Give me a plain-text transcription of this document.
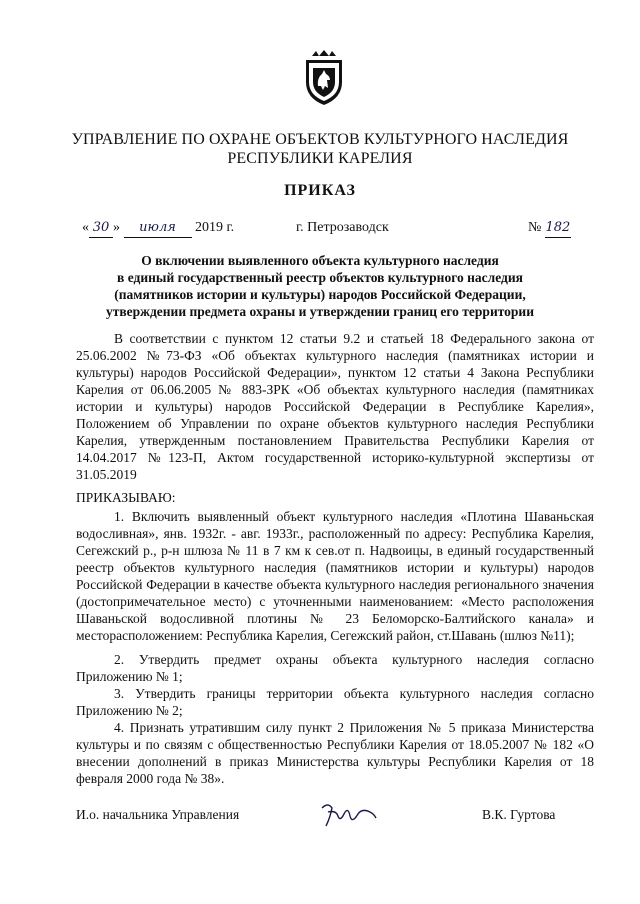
УПРАВЛЕНИЕ ПО ОХРАНЕ ОБЪЕКТОВ КУЛЬТУРНОГО НАСЛЕДИЯ
РЕСПУБЛИКИ КАРЕЛИЯ
ПРИКАЗ
« 30 » июля 2019 г.	г. Петрозаводск	№ 182
О включении выявленного объекта культурного наследия
в единый государственный реестр объектов культурного наследия
(памятников истории и культуры) народов Российской Федерации,
утверждении предмета охраны и утверждении границ его территории
В соответствии с пунктом 12 статьи 9.2 и статьей 18 Федерального закона от 25.06.2002 №73-ФЗ «Об объектах культурного наследия (памятниках истории и культуры) народов Российской Федерации», пунктом 12 статьи 4 Закона Республики Карелия от 06.06.2005 № 883-ЗРК «Об объектах культурного наследия (памятниках истории и культуры) народов Российской Федерации в Республике Карелия», Положением об Управлении по охране объектов культурного наследия Республики Карелия, утвержденным постановлением Правительства Республики Карелия от 14.04.2017 №123-П, Актом государственной историко-культурной экспертизы от 31.05.2019
ПРИКАЗЫВАЮ:
1. Включить выявленный объект культурного наследия «Плотина Шаваньская водосливная», янв. 1932г. - авг. 1933г., расположенный по адресу: Республика Карелия, Сегежский р., р-н шлюза № 11 в 7 км к сев.от п. Надвоицы, в единый государственный реестр объектов культурного наследия (памятников истории и культуры) народов Российской Федерации в качестве объекта культурного наследия регионального значения (достопримечательное место) с уточненными наименованием: «Место расположения Шаваньской водосливной плотины № 23 Беломорско-Балтийского канала» и месторасположением: Республика Карелия, Сегежский район, ст.Шавань (шлюз №11);
2. Утвердить предмет охраны объекта культурного наследия согласно Приложению № 1;
3. Утвердить границы территории объекта культурного наследия согласно Приложению № 2;
4. Признать утратившим силу пункт 2 Приложения № 5 приказа Министерства культуры и по связям с общественностью Республики Карелия от 18.05.2007 № 182 «О внесении дополнений в приказ Министерства культуры Республики Карелия от 18 февраля 2000 года № 38».
И.о. начальника Управления	В.К. Гуртова
